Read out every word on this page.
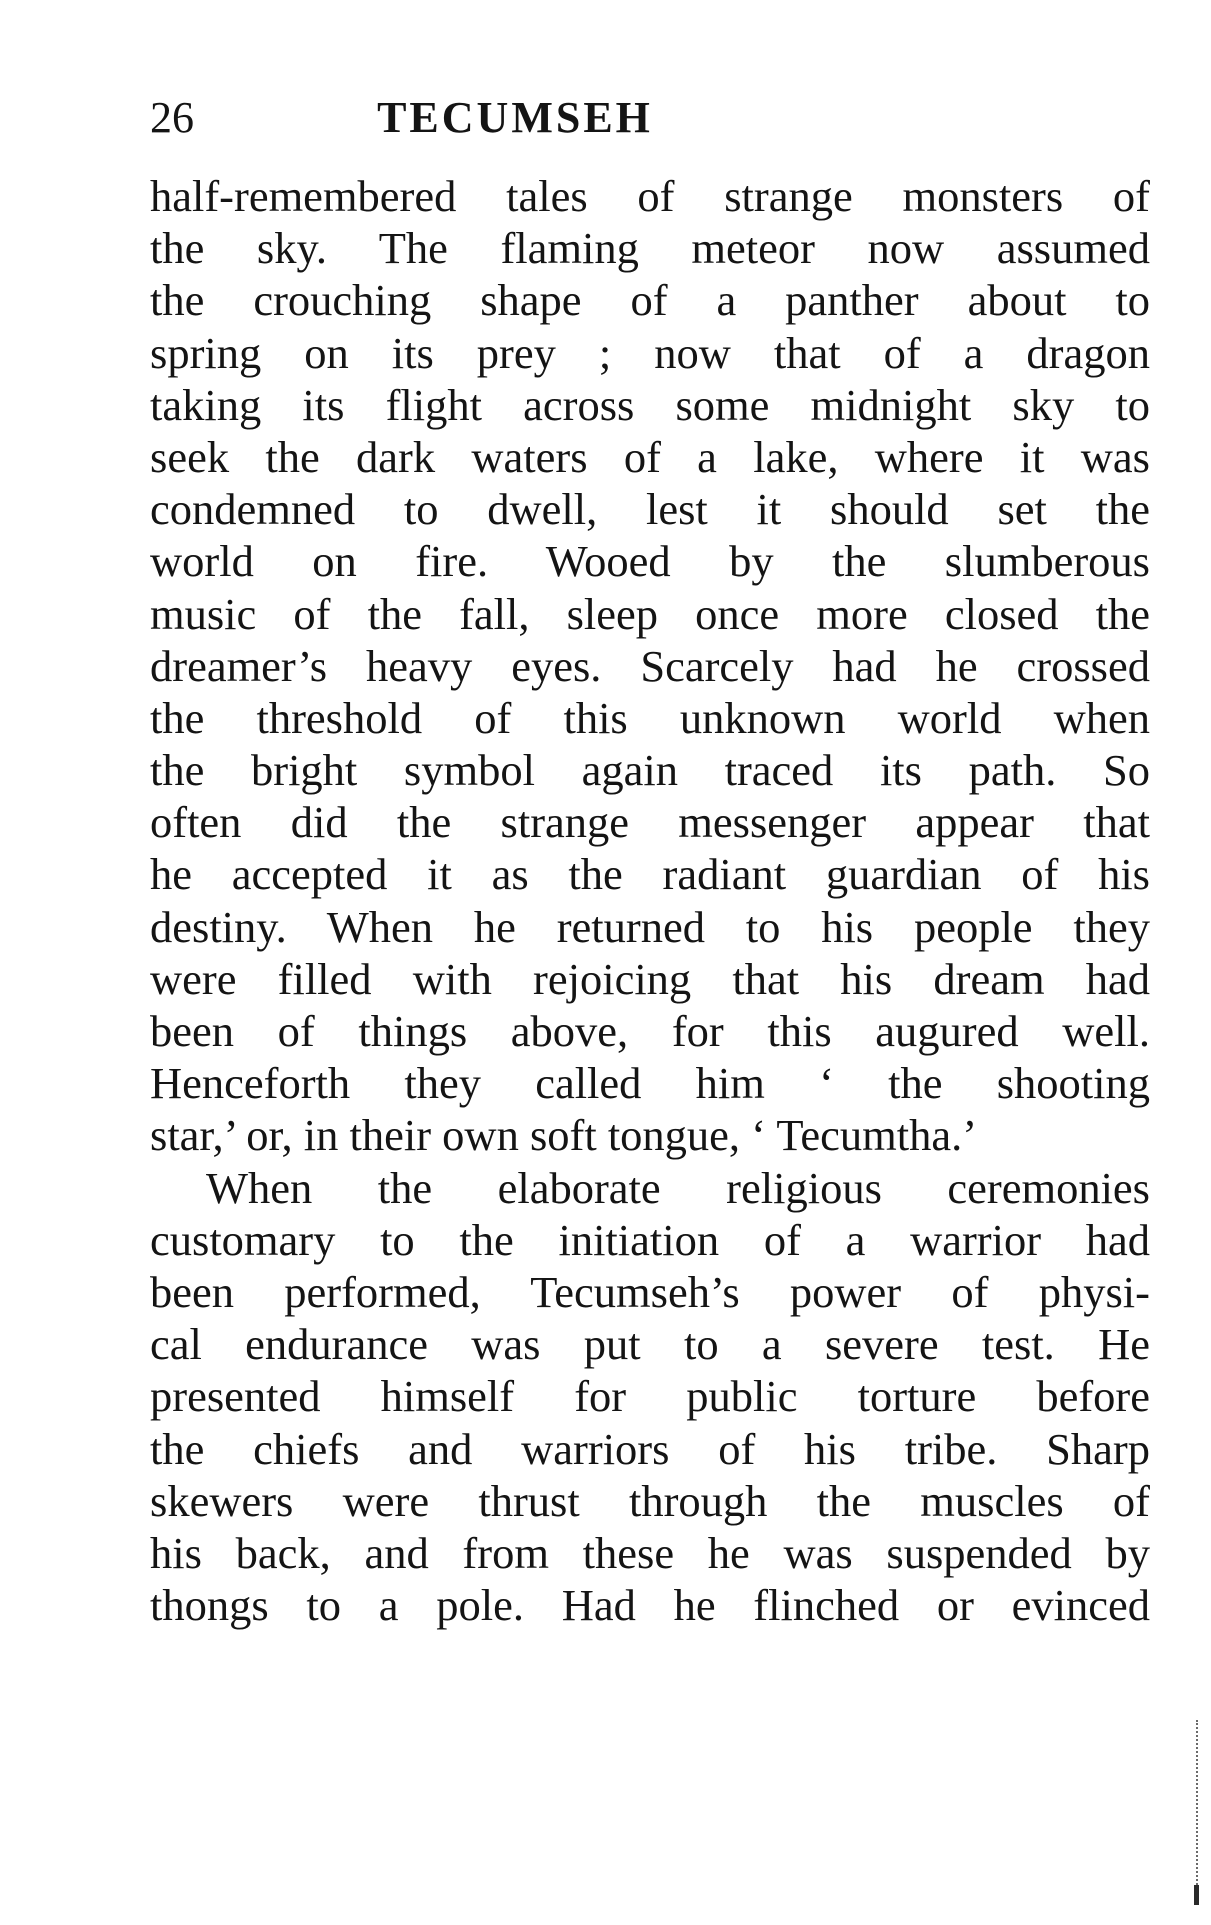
26	TECUMSEH
half-remembered tales of strange monsters of
the sky. The flaming meteor now assumed
the crouching shape of a panther about to
spring on its prey ; now that of a dragon
taking its flight across some midnight sky to
seek the dark waters of a lake, where it was
condemned to dwell, lest it should set the
world on fire. Wooed by the slumberous
music of the fall, sleep once more closed the
dreamer’s heavy eyes. Scarcely had he crossed
the threshold of this unknown world when
the bright symbol again traced its path. So
often did the strange messenger appear that
he accepted it as the radiant guardian of his
destiny. When he returned to his people they
were filled with rejoicing that his dream had
been of things above, for this augured well.
Henceforth they called him ‘ the shooting
star,’ or, in their own soft tongue, ‘ Tecumtha.’
When the elaborate religious ceremonies
customary to the initiation of a warrior had
been performed, Tecumseh’s power of physi-
cal endurance was put to a severe test. He
presented himself for public torture before
the chiefs and warriors of his tribe. Sharp
skewers were thrust through the muscles of
his back, and from these he was suspended by
thongs to a pole. Had he flinched or evinced
